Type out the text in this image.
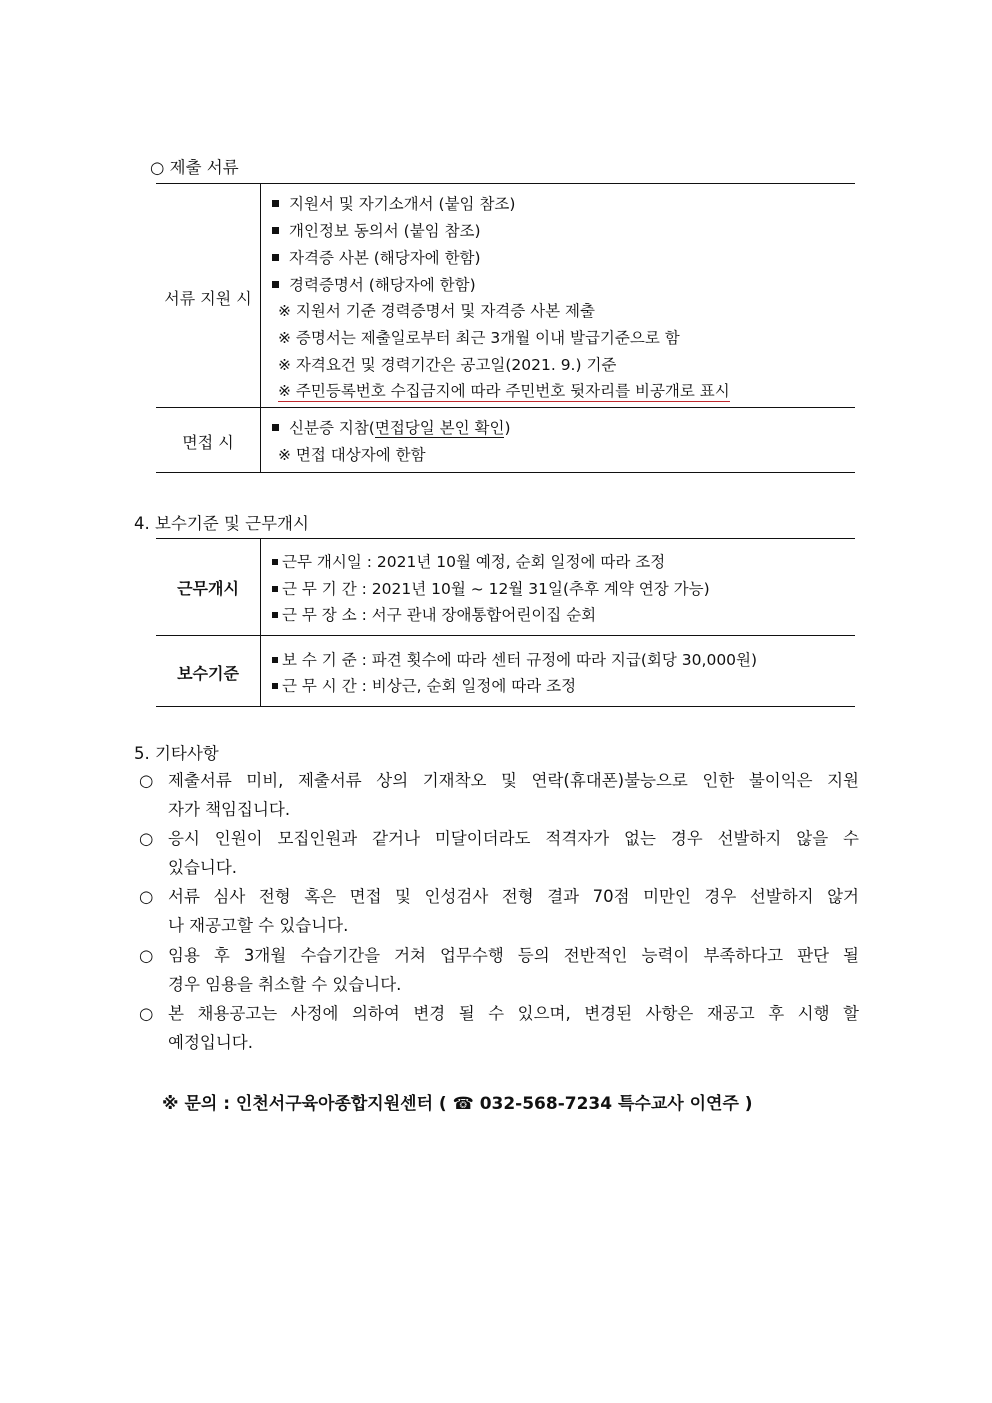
○ 제출 서류
서류 지원 시
지원서 및 자기소개서 (붙임 참조)
개인정보 동의서 (붙임 참조)
자격증 사본 (해당자에 한함)
경력증명서 (해당자에 한함)
※ 지원서 기준 경력증명서 및 자격증 사본 제출
※ 증명서는 제출일로부터 최근 3개월 이내 발급기준으로 함
※ 자격요건 및 경력기간은 공고일(2021. 9.) 기준
※ 주민등록번호 수집금지에 따라 주민번호 뒷자리를 비공개로 표시
면접 시
신분증 지참(면접당일 본인 확인)
※ 면접 대상자에 한함
4. 보수기준 및 근무개시
근무개시
근무 개시일 : 2021년 10월 예정, 순회 일정에 따라 조정
근 무 기 간 : 2021년 10월 ~ 12월 31일(추후 계약 연장 가능)
근 무 장 소 : 서구 관내 장애통합어린이집 순회
보수기준
보 수 기 준 : 파견 횟수에 따라 센터 규정에 따라 지급(회당 30,000원)
근 무 시 간 : 비상근, 순회 일정에 따라 조정
5. 기타사항
○ 제출서류 미비, 제출서류 상의 기재착오 및 연락(휴대폰)불능으로 인한 불이익은 지원
자가 책임집니다.
○ 응시 인원이 모집인원과 같거나 미달이더라도 적격자가 없는 경우 선발하지 않을 수
있습니다.
○ 서류 심사 전형 혹은 면접 및 인성검사 전형 결과 70점 미만인 경우 선발하지 않거
나 재공고할 수 있습니다.
○ 임용 후 3개월 수습기간을 거쳐 업무수행 등의 전반적인 능력이 부족하다고 판단 될
경우 임용을 취소할 수 있습니다.
○ 본 채용공고는 사정에 의하여 변경 될 수 있으며, 변경된 사항은 재공고 후 시행 할
예정입니다.
※ 문의 : 인천서구육아종합지원센터 ( ☎ 032-568-7234 특수교사 이연주 )
